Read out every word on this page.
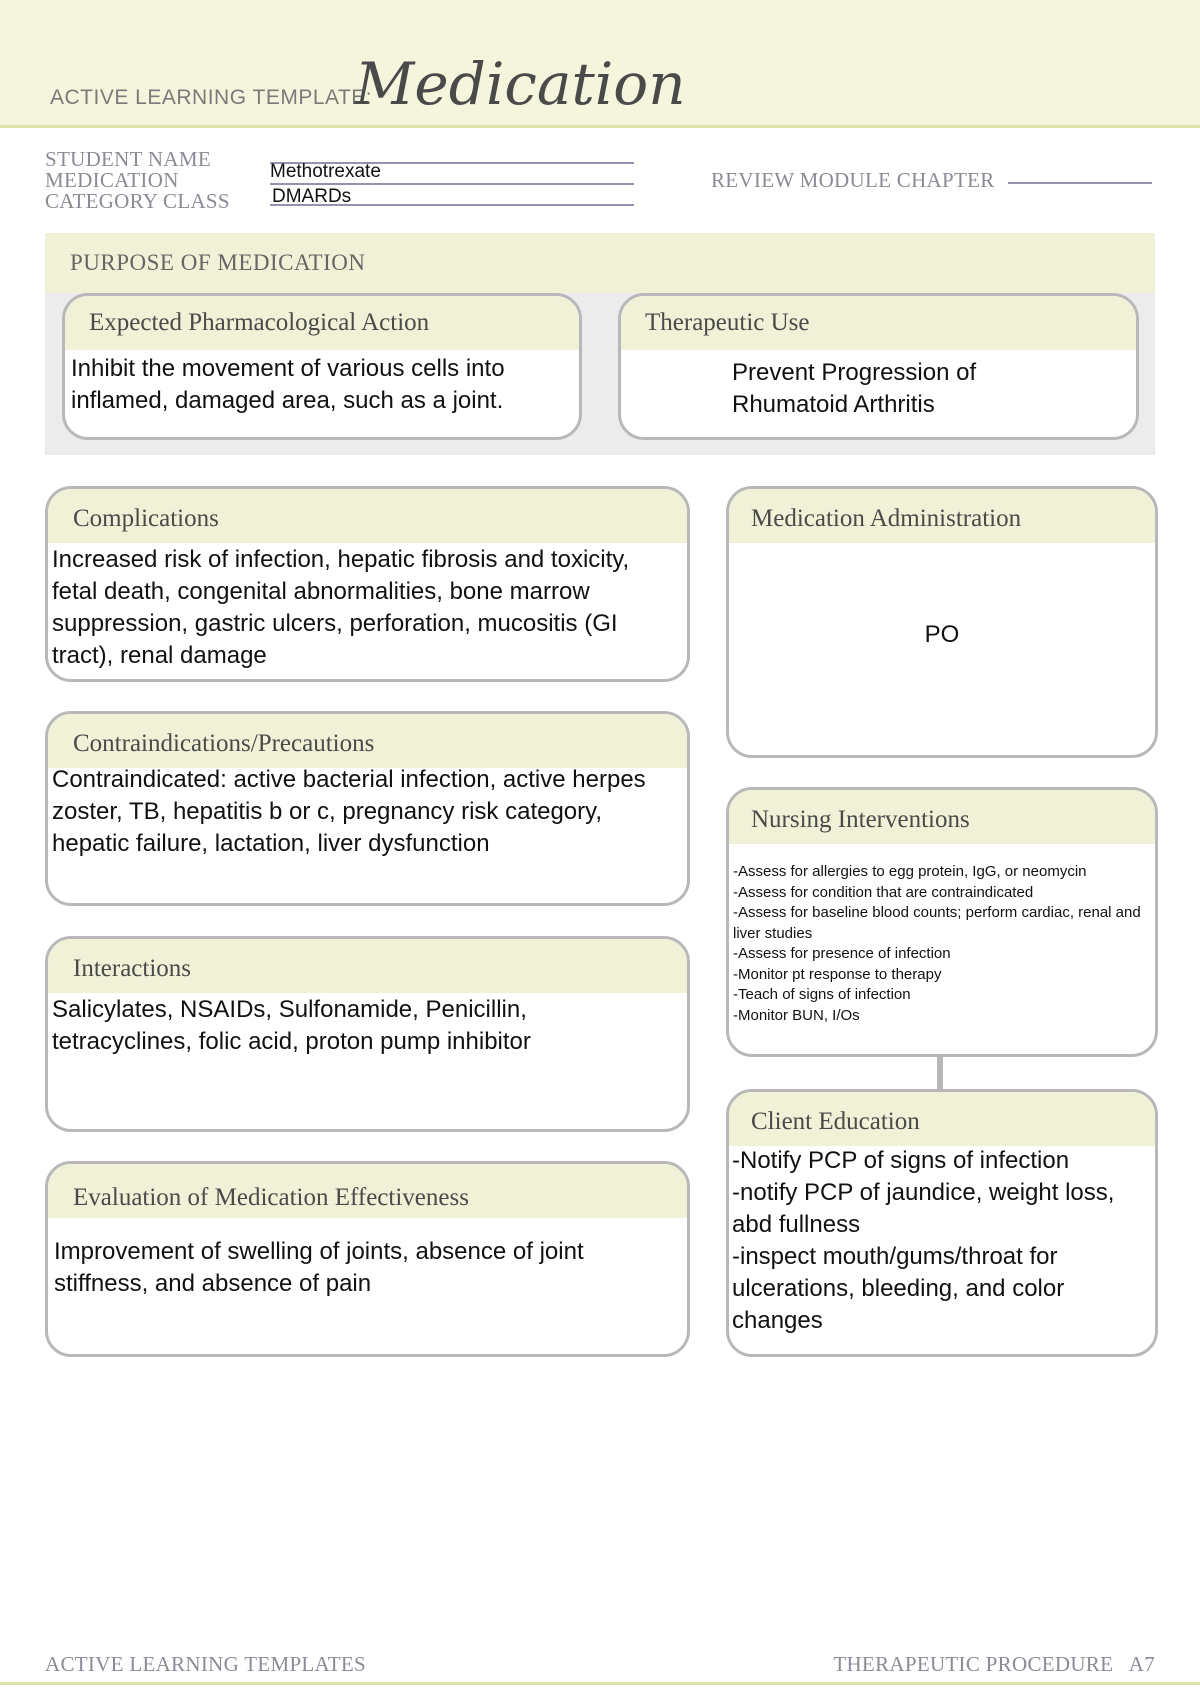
ACTIVE LEARNING TEMPLATE:
Medication
STUDENT NAME
MEDICATION	Methotrexate
CATEGORY CLASS DMARDs
REVIEW MODULE CHAPTER
PURPOSE OF MEDICATION
Expected Pharmacological Action
Inhibit the movement of various cells into inflamed, damaged area, such as a joint.
Therapeutic Use
Prevent Progression of Rhumatoid Arthritis
Complications
Increased risk of infection, hepatic fibrosis and toxicity, fetal death, congenital abnormalities, bone marrow suppression, gastric ulcers, perforation, mucositis (GI tract), renal damage
Contraindications/Precautions
Contraindicated: active bacterial infection, active herpes zoster, TB, hepatitis b or c, pregnancy risk category, hepatic failure, lactation, liver dysfunction
Interactions
Salicylates, NSAIDs, Sulfonamide, Penicillin, tetracyclines, folic acid, proton pump inhibitor
Evaluation of Medication Effectiveness
Improvement of swelling of joints, absence of joint stiffness, and absence of pain
Medication Administration
PO
Nursing Interventions
-Assess for allergies to egg protein, IgG, or neomycin
-Assess for condition that are contraindicated
-Assess for baseline blood counts; perform cardiac, renal and liver studies
-Assess for presence of infection
-Monitor pt response to therapy
-Teach of signs of infection
-Monitor BUN, I/Os
Client Education
-Notify PCP of signs of infection
-notify PCP of jaundice, weight loss, abd fullness
-inspect mouth/gums/throat for ulcerations, bleeding, and color changes
ACTIVE LEARNING TEMPLATES	THERAPEUTIC PROCEDURE   A7
